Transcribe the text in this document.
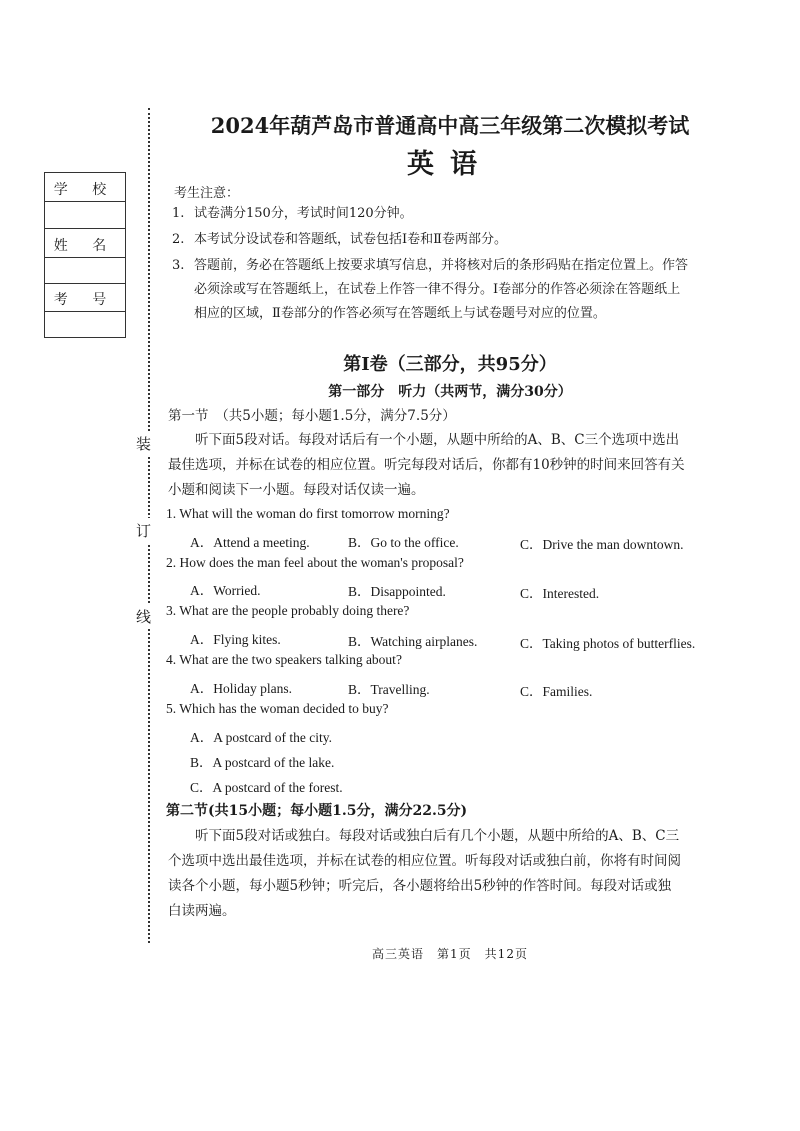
装
订
线
学 校
姓 名
考 号
2024年葫芦岛市普通高中高三年级第二次模拟考试
英语
考生注意：
1. 试卷满分150分，考试时间120分钟。
2. 本考试分设试卷和答题纸，试卷包括Ⅰ卷和Ⅱ卷两部分。
3. 答题前，务必在答题纸上按要求填写信息，并将核对后的条形码贴在指定位置上。作答
必须涂或写在答题纸上，在试卷上作答一律不得分。Ⅰ卷部分的作答必须涂在答题纸上
相应的区域，Ⅱ卷部分的作答必须写在答题纸上与试卷题号对应的位置。
第Ⅰ卷（三部分，共95分）
第一部分　听力（共两节，满分30分）
第一节　（共5小题；每小题1.5分，满分7.5分）
听下面5段对话。每段对话后有一个小题，从题中所给的A、B、C三个选项中选出
最佳选项，并标在试卷的相应位置。听完每段对话后，你都有10秒钟的时间来回答有关
小题和阅读下一小题。每段对话仅读一遍。
1. What will the woman do first tomorrow morning?
A．Attend a meeting.	B．Go to the office.	C．Drive the man downtown.
2. How does the man feel about the woman's proposal?
A．Worried.	B．Disappointed.	C．Interested.
3. What are the people probably doing there?
A．Flying kites.	B．Watching airplanes.	C．Taking photos of butterflies.
4. What are the two speakers talking about?
A．Holiday plans.	B．Travelling.	C．Families.
5. Which has the woman decided to buy?
A．A postcard of the city.
B．A postcard of the lake.
C．A postcard of the forest.
第二节(共15小题；每小题1.5分，满分22.5分)
听下面5段对话或独白。每段对话或独白后有几个小题，从题中所给的A、B、C三
个选项中选出最佳选项，并标在试卷的相应位置。听每段对话或独白前，你将有时间阅
读各个小题，每小题5秒钟；听完后，各小题将给出5秒钟的作答时间。每段对话或独
白读两遍。
高三英语　第1页　共12页
